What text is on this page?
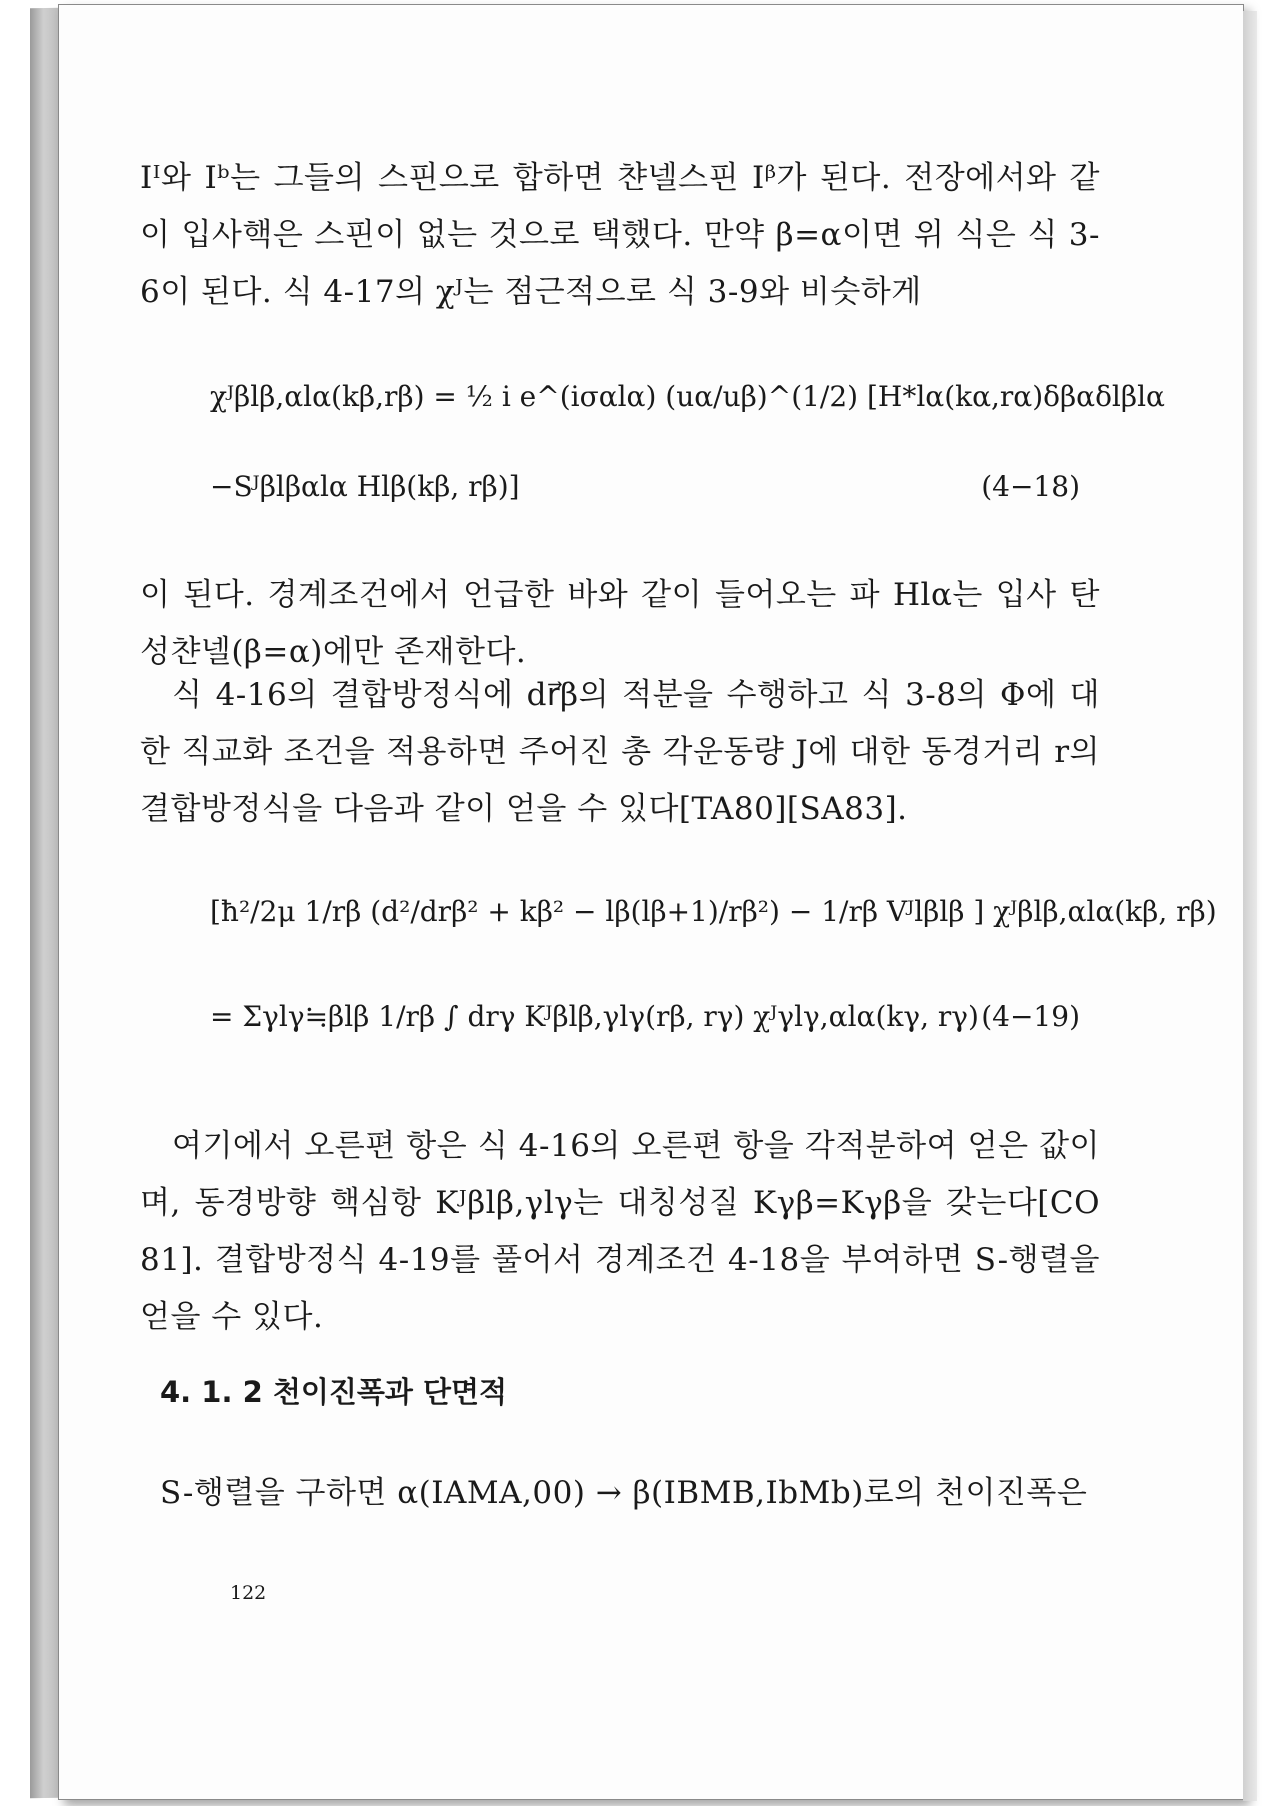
Iᴵ와 Iᵇ는 그들의 스핀으로 합하면 챤넬스핀 Iᵝ가 된다. 전장에서와 같이 입사핵은 스핀이 없는 것으로 택했다. 만약 β=α이면 위 식은 식 3-6이 된다. 식 4-17의 χᴶ는 점근적으로 식 3-9와 비슷하게

χᴶβlβ,αlα(kβ,rβ) = ½ i e^(iσαlα) (uα/uβ)^(1/2) [H*lα(kα,rα)δβαδlβlα
−Sᴶβlβαlα Hlβ(kβ, rβ)]	(4−18)

이 된다. 경계조건에서 언급한 바와 같이 들어오는 파 Hlα는 입사 탄성챤넬(β=α)에만 존재한다.

식 4-16의 결합방정식에 dr⃗β의 적분을 수행하고 식 3-8의 Φ에 대한 직교화 조건을 적용하면 주어진 총 각운동량 J에 대한 동경거리 r의 결합방정식을 다음과 같이 얻을 수 있다[TA80][SA83].

[ħ²/2μ 1/rβ (d²/drβ² + kβ² − lβ(lβ+1)/rβ²) − 1/rβ Vᴶlβlβ ] χᴶβlβ,αlα(kβ, rβ)
= Σγlγ≒βlβ 1/rβ ∫ drγ Kᴶβlβ,γlγ(rβ, rγ) χᴶγlγ,αlα(kγ, rγ) (4−19)

여기에서 오른편 항은 식 4-16의 오른편 항을 각적분하여 얻은 값이며, 동경방향 핵심항 Kᴶβlβ,γlγ는 대칭성질 Kγβ=Kγβ을 갖는다[CO 81]. 결합방정식 4-19를 풀어서 경계조건 4-18을 부여하면 S-행렬을 얻을 수 있다.

4. 1. 2 천이진폭과 단면적

S-행렬을 구하면 α(IAMA,00) → β(IBMB,IbMb)로의 천이진폭은

122
